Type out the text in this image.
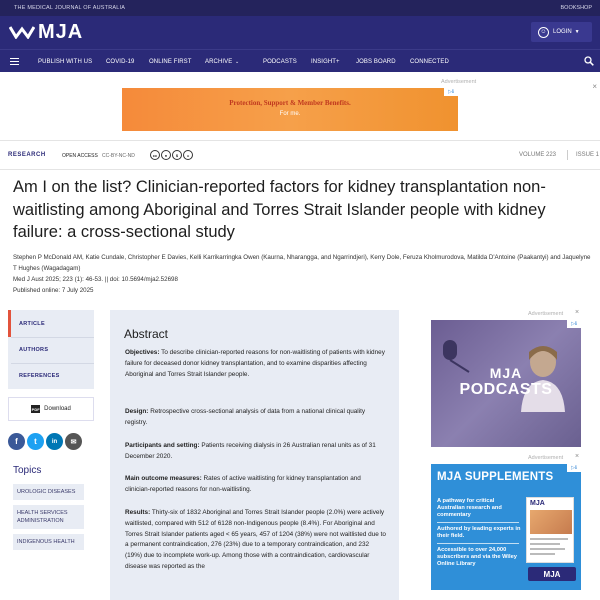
THE MEDICAL JOURNAL OF AUSTRALIA	BOOKSHOP
MJA	☺	LOGIN ▼
PUBLISH WITH US COVID-19 ONLINE FIRST ARCHIVE ⌄	PODCASTS INSIGHT+	JOBS BOARD CONNECTED
Advertisement
Protection, Support & Member Benefits.
For me.
▷ℹ
×
RESEARCH	OPEN ACCESS CC-BY-NC-ND	cc	●	$	=	VOLUME 223	ISSUE 1
Am I on the list? Clinician-reported factors for kidney transplantation non-waitlisting among Aboriginal and Torres Strait Islander people with kidney failure: a cross-sectional study
Stephen P McDonald AM, Katie Cundale, Christopher E Davies, Kelli Karrikarringka Owen (Kaurna, Nharangga, and Ngarrindjeri), Kerry Dole, Feruza Kholmurodova, Matilda D'Antoine (Paakantyi) and Jaquelyne T Hughes (Wagadagam)
Med J Aust 2025; 223 (1): 46-53. || doi: 10.5694/mja2.52698
Published online: 7 July 2025
ARTICLE
AUTHORS
REFERENCES
PDF Download
f	t	in	✉
Topics
UROLOGIC DISEASES
HEALTH SERVICES ADMINISTRATION
INDIGENOUS HEALTH
Abstract

Objectives: To describe clinician-reported reasons for non-waitlisting of patients with kidney failure for deceased donor kidney transplantation, and to examine disparities affecting Aboriginal and Torres Strait Islander people.

Design: Retrospective cross-sectional analysis of data from a national clinical quality registry.

Participants and setting: Patients receiving dialysis in 26 Australian renal units as of 31 December 2020.

Main outcome measures: Rates of active waitlisting for kidney transplantation and clinician-reported reasons for non-waitlisting.

Results: Thirty-six of 1832 Aboriginal and Torres Strait Islander people (2.0%) were actively waitlisted, compared with 512 of 6128 non-Indigenous people (8.4%). For Aboriginal and Torres Strait Islander patients aged < 65 years, 457 of 1204 (38%) were not waitlisted due to a permanent contraindication, 276 (23%) due to a temporary contraindication, and 232 (19%) due to incomplete work-up. Among those with a contraindication, cardiovascular disease was reported as the

Advertisement ×
MJA
PODCASTS
▷ℹ
Advertisement ×
MJA SUPPLEMENTS
A pathway for critical Australian research and commentary
Authored by leading experts in their field.
Accessible to over 24,000 subscribers and via the Wiley Online Library
MJA
MJA
▷ℹ
